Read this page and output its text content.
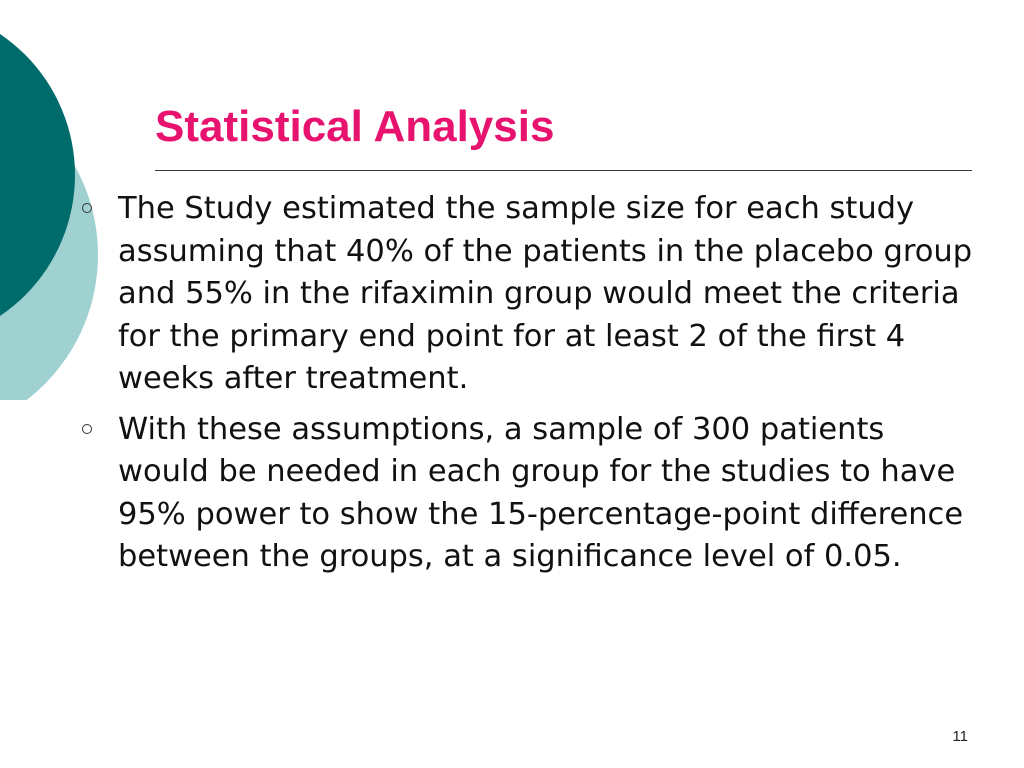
Statistical Analysis
The Study estimated the sample size for each study assuming that 40% of the patients in the placebo group and 55% in the rifaximin group would meet the criteria for the primary end point for at least 2 of the first 4 weeks after treatment.
With these assumptions, a sample of 300 patients would be needed in each group for the studies to have 95% power to show the 15-percentage-point difference between the groups, at a significance level of 0.05.
11
